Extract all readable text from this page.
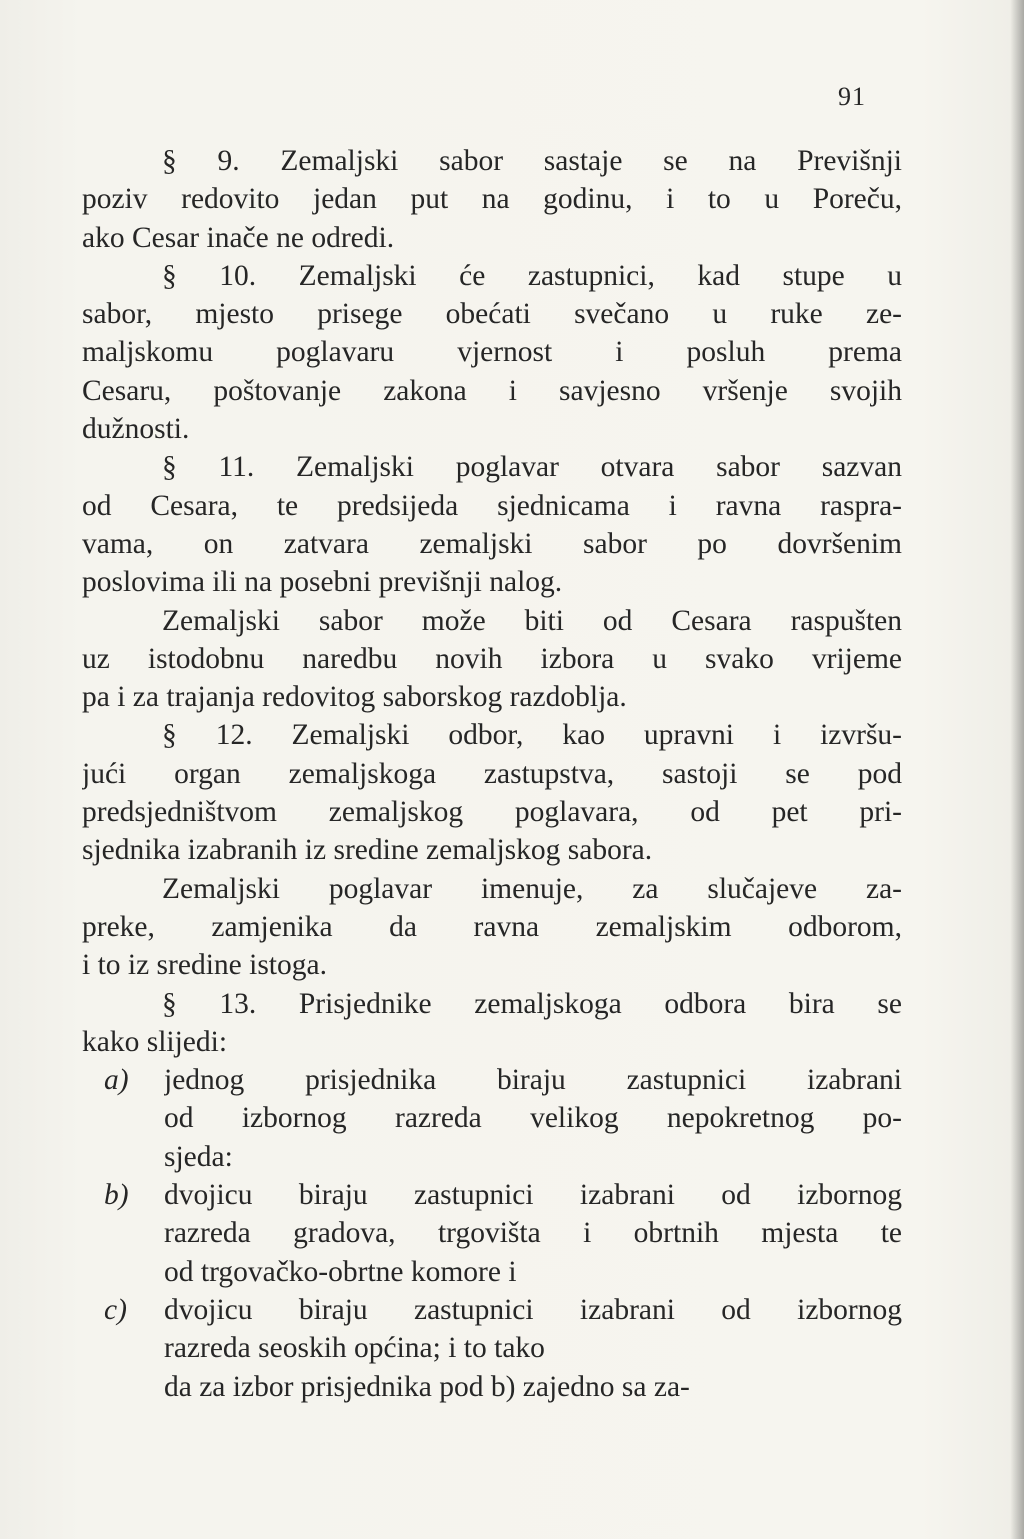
91
§ 9. Zemaljski sabor sastaje se na Previšnji
poziv redovito jedan put na godinu, i to u Poreču,
ako Cesar inače ne odredi.
§ 10. Zemaljski će zastupnici, kad stupe u
sabor, mjesto prisege obećati svečano u ruke ze-
maljskomu poglavaru vjernost i posluh prema
Cesaru, poštovanje zakona i savjesno vršenje svojih
dužnosti.
§ 11. Zemaljski poglavar otvara sabor sazvan
od Cesara, te predsijeda sjednicama i ravna raspra-
vama, on zatvara zemaljski sabor po dovršenim
poslovima ili na posebni previšnji nalog.
Zemaljski sabor može biti od Cesara raspušten
uz istodobnu naredbu novih izbora u svako vrijeme
pa i za trajanja redovitog saborskog razdoblja.
§ 12. Zemaljski odbor, kao upravni i izvršu-
jući organ zemaljskoga zastupstva, sastoji se pod
predsjedništvom zemaljskog poglavara, od pet pri-
sjednika izabranih iz sredine zemaljskog sabora.
Zemaljski poglavar imenuje, za slučajeve za-
preke, zamjenika da ravna zemaljskim odborom,
i to iz sredine istoga.
§ 13. Prisjednike zemaljskoga odbora bira se
kako slijedi:
a)	jednog prisjednika biraju zastupnici izabrani
od izbornog razreda velikog nepokretnog po-
sjeda:
b)	dvojicu biraju zastupnici izabrani od izbornog
razreda gradova, trgovišta i obrtnih mjesta te
od trgovačko-obrtne komore i
c)	dvojicu biraju zastupnici izabrani od izbornog
razreda seoskih općina; i to tako
da za izbor prisjednika pod b) zajedno sa za-
